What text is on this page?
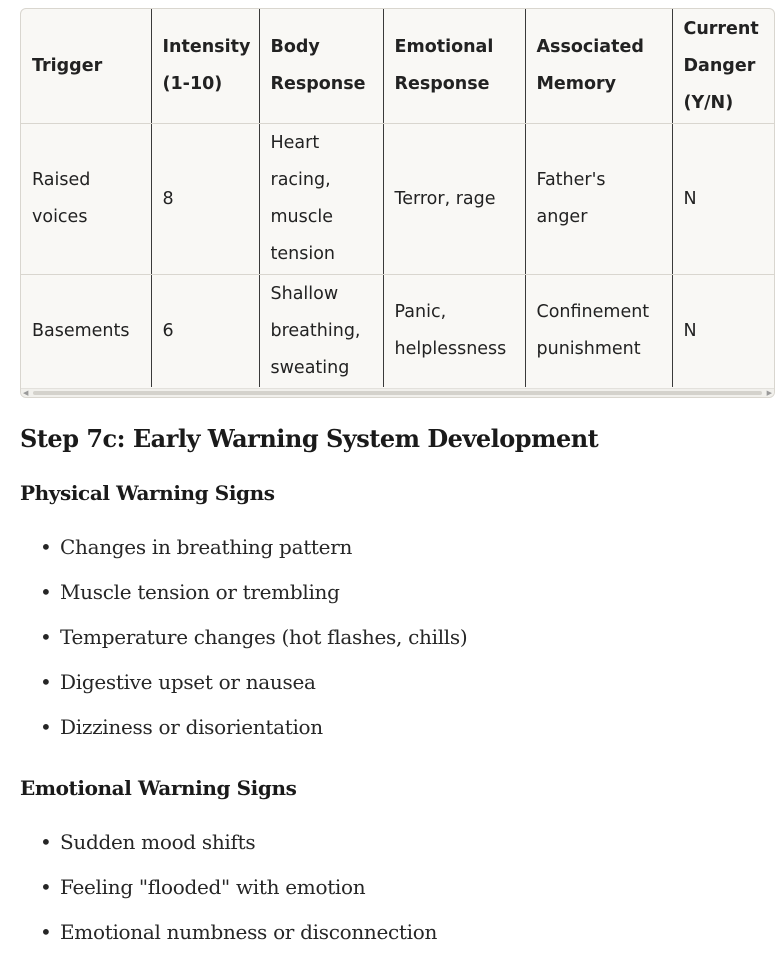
Trigger	Intensity (1-10)	Body Response	Emotional Response	Associated Memory	Current Danger (Y/N)
Raised voices	8	Heart racing, muscle tension	Terror, rage	Father's anger	N
Basements	6	Shallow breathing, sweating	Panic, helplessness	Confinement punishment	N
◀	▶
Step 7c: Early Warning System Development
Physical Warning Signs
• Changes in breathing pattern
• Muscle tension or trembling
• Temperature changes (hot flashes, chills)
• Digestive upset or nausea
• Dizziness or disorientation
Emotional Warning Signs
• Sudden mood shifts
• Feeling "flooded" with emotion
• Emotional numbness or disconnection
